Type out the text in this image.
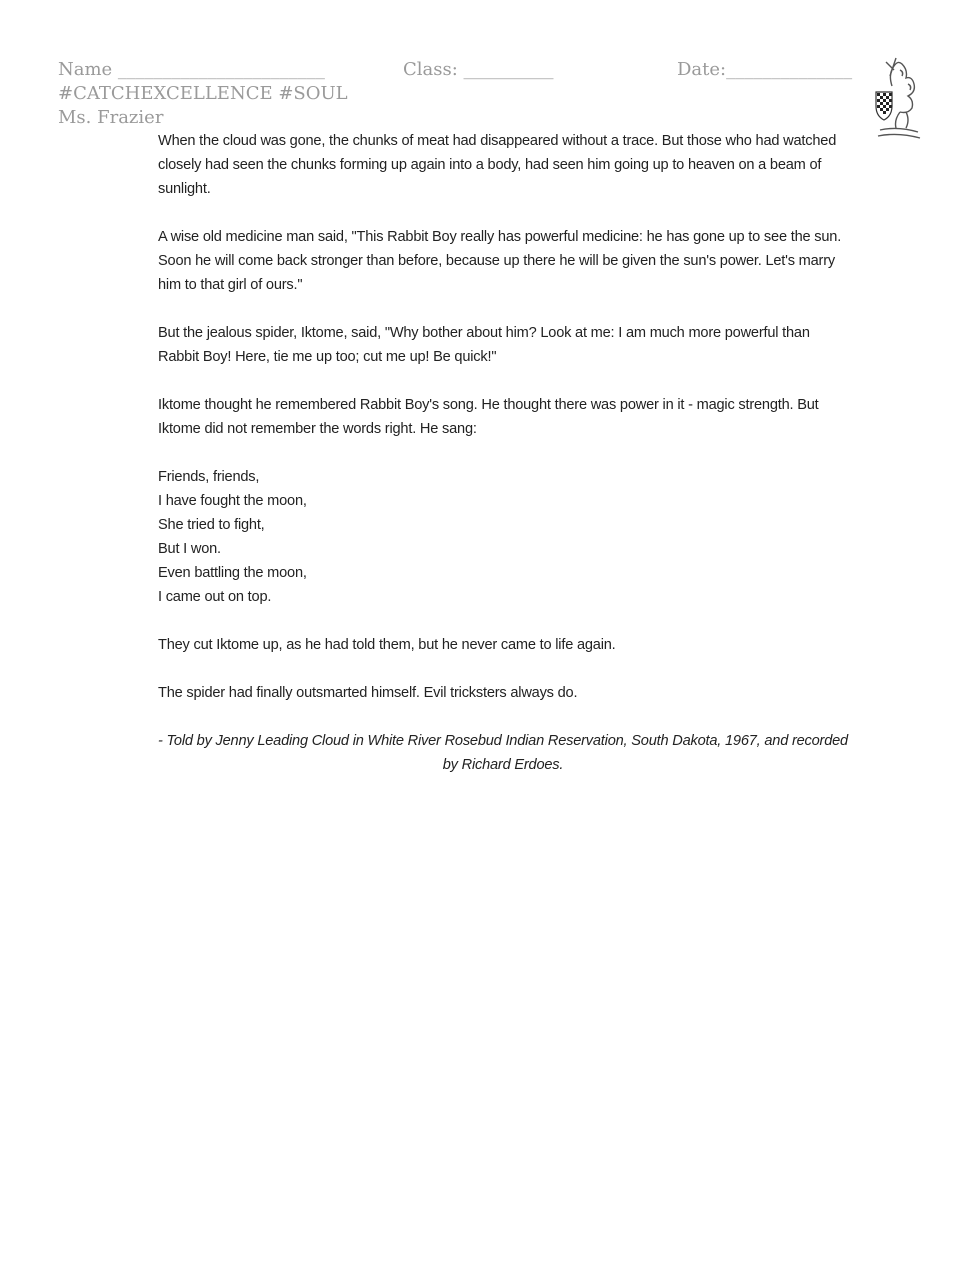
Name _______________________	Class: __________	Date:______________
#CATCHEXCELLENCE #SOUL
Ms. Frazier

When the cloud was gone, the chunks of meat had disappeared without a trace. But those who had watched closely had seen the chunks forming up again into a body, had seen him going up to heaven on a beam of sunlight.

A wise old medicine man said, "This Rabbit Boy really has powerful medicine: he has gone up to see the sun. Soon he will come back stronger than before, because up there he will be given the sun's power. Let's marry him to that girl of ours."

But the jealous spider, Iktome, said, "Why bother about him? Look at me: I am much more powerful than Rabbit Boy! Here, tie me up too; cut me up! Be quick!"

Iktome thought he remembered Rabbit Boy's song. He thought there was power in it - magic strength. But Iktome did not remember the words right. He sang:

Friends, friends,
I have fought the moon,
She tried to fight,
But I won.
Even battling the moon,
I came out on top.

They cut Iktome up, as he had told them, but he never came to life again.

The spider had finally outsmarted himself. Evil tricksters always do.

- Told by Jenny Leading Cloud in White River Rosebud Indian Reservation, South Dakota, 1967, and recorded by Richard Erdoes.
